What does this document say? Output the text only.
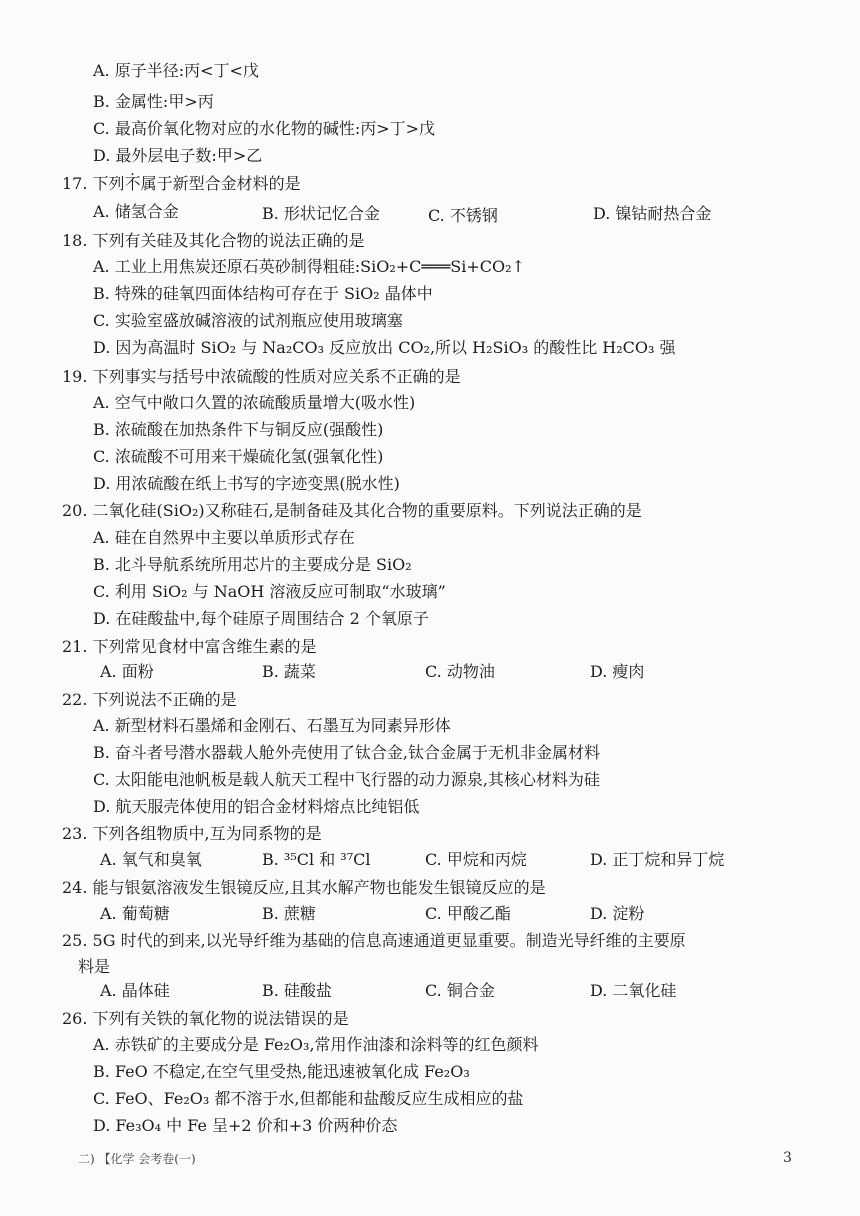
A. 原子半径:丙<丁<戊
B. 金属性:甲>丙
C. 最高价氧化物对应的水化物的碱性:丙>丁>戊
D. 最外层电子数:甲>乙
17. 下列不属于新型合金材料的是
A. 储氢合金	B. 形状记忆合金	C. 不锈钢	D. 镍钴耐热合金
18. 下列有关硅及其化合物的说法正确的是
A. 工业上用焦炭还原石英砂制得粗硅:SiO₂+C═══Si+CO₂↑
B. 特殊的硅氧四面体结构可存在于 SiO₂ 晶体中
C. 实验室盛放碱溶液的试剂瓶应使用玻璃塞
D. 因为高温时 SiO₂ 与 Na₂CO₃ 反应放出 CO₂,所以 H₂SiO₃ 的酸性比 H₂CO₃ 强
19. 下列事实与括号中浓硫酸的性质对应关系不正确的是
A. 空气中敞口久置的浓硫酸质量增大(吸水性)
B. 浓硫酸在加热条件下与铜反应(强酸性)
C. 浓硫酸不可用来干燥硫化氢(强氧化性)
D. 用浓硫酸在纸上书写的字迹变黑(脱水性)
20. 二氧化硅(SiO₂)又称硅石,是制备硅及其化合物的重要原料。下列说法正确的是
A. 硅在自然界中主要以单质形式存在
B. 北斗导航系统所用芯片的主要成分是 SiO₂
C. 利用 SiO₂ 与 NaOH 溶液反应可制取“水玻璃”
D. 在硅酸盐中,每个硅原子周围结合 2 个氧原子
21. 下列常见食材中富含维生素的是
A. 面粉	B. 蔬菜	C. 动物油	D. 瘦肉
22. 下列说法不正确的是
A. 新型材料石墨烯和金刚石、石墨互为同素异形体
B. 奋斗者号潜水器载人舱外壳使用了钛合金,钛合金属于无机非金属材料
C. 太阳能电池帆板是载人航天工程中飞行器的动力源泉,其核心材料为硅
D. 航天服壳体使用的铝合金材料熔点比纯铝低
23. 下列各组物质中,互为同系物的是
A. 氧气和臭氧	B. ³⁵Cl 和 ³⁷Cl	C. 甲烷和丙烷	D. 正丁烷和异丁烷
24. 能与银氨溶液发生银镜反应,且其水解产物也能发生银镜反应的是
A. 葡萄糖	B. 蔗糖	C. 甲酸乙酯	D. 淀粉
25. 5G 时代的到来,以光导纤维为基础的信息高速通道更显重要。制造光导纤维的主要原
料是
A. 晶体硅	B. 硅酸盐	C. 铜合金	D. 二氧化硅
26. 下列有关铁的氧化物的说法错误的是
A. 赤铁矿的主要成分是 Fe₂O₃,常用作油漆和涂料等的红色颜料
B. FeO 不稳定,在空气里受热,能迅速被氧化成 Fe₂O₃
C. FeO、Fe₂O₃ 都不溶于水,但都能和盐酸反应生成相应的盐
D. Fe₃O₄ 中 Fe 呈+2 价和+3 价两种价态
二) 【化学 会考卷(一)	3
